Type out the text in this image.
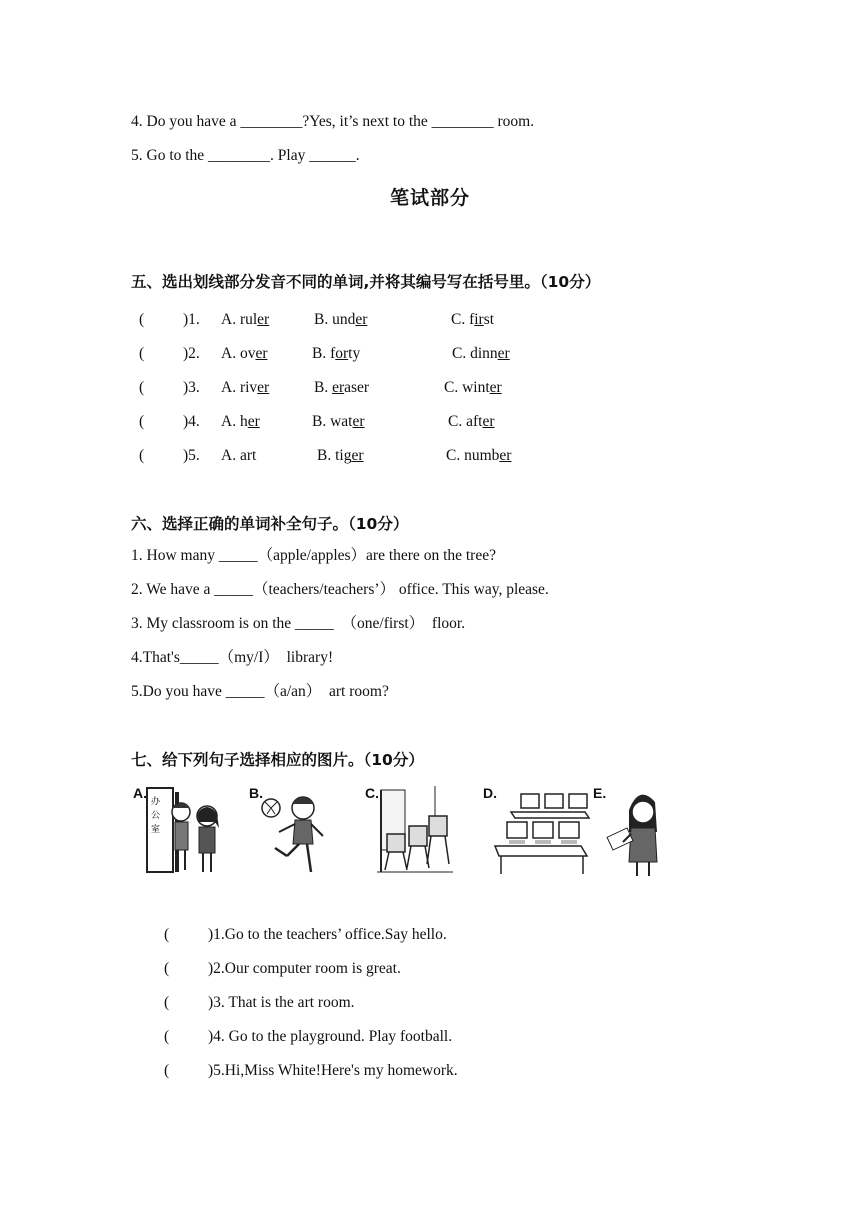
4. Do you have a ________?Yes, it’s next to the ________ room.
5. Go to the ________. Play ______.
笔试部分
五、选出划线部分发音不同的单词,并将其编号写在括号里。（10分）
(	)1. A. ruler	B. under	C. first
(	)2. A. over	B. forty	C. dinner
(	)3. A. river	B. eraser	C. winter
(	)4. A. her	B. water	C. after
(	)5. A. art	B. tiger	C. number
六、选择正确的单词补全句子。（10分）
1. How many _____（apple/apples）are there on the tree?
2. We have a _____（teachers/teachers’） office. This way, please.
3. My classroom is on the _____  （one/first）  floor.
4.That's_____（my/I）  library!
5.Do you have _____（a/an）  art room?
七、给下列句子选择相应的图片。（10分）
A.
办
公
室
B.	C.	D.	E.
(	)1.Go to the teachers’ office.Say hello.
(	)2.Our computer room is great.
(	)3. That is the art room.
(	)4. Go to the playground. Play football.
(	)5.Hi,Miss White!Here's my homework.
